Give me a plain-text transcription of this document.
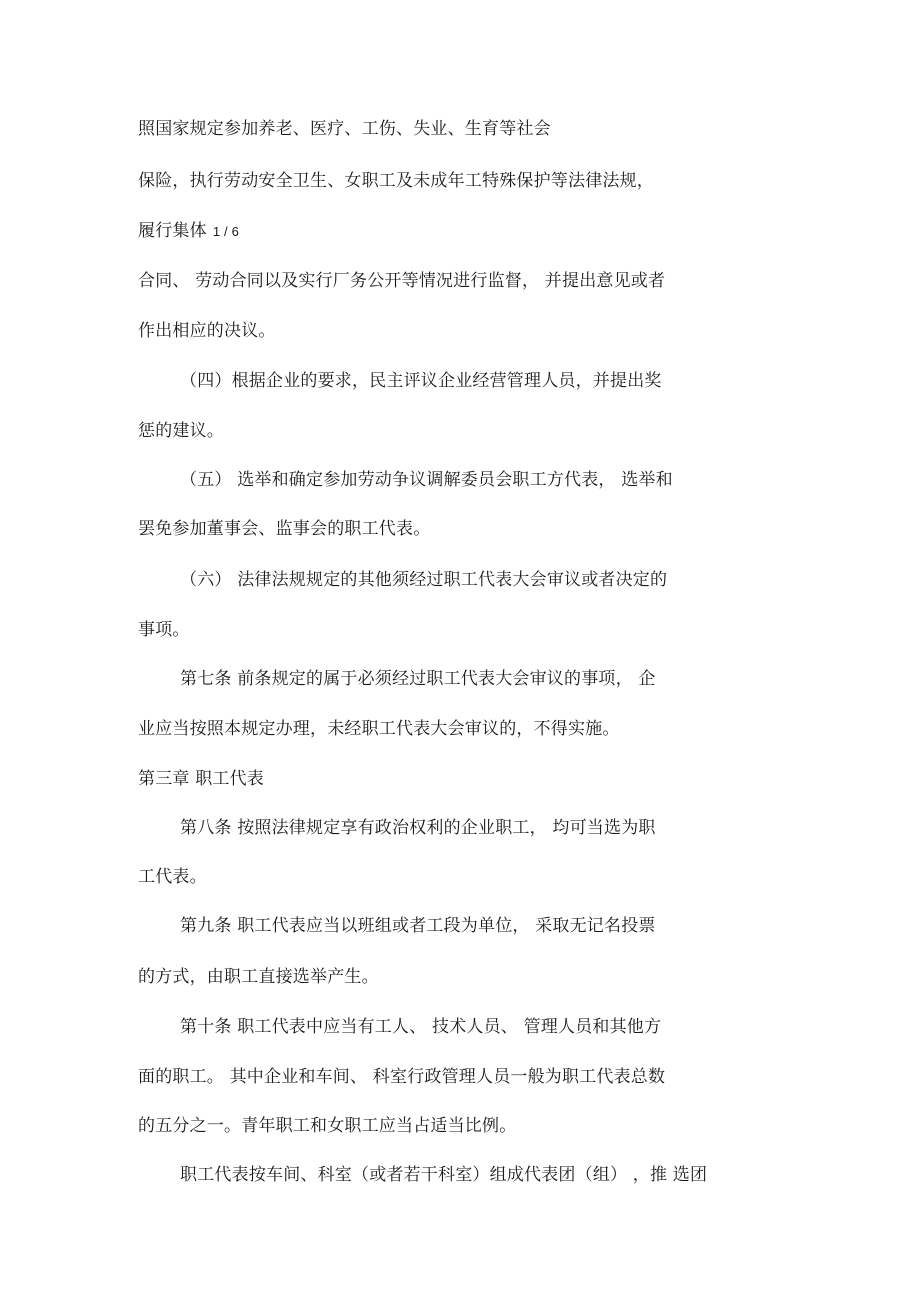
照国家规定参加养老、医疗、工伤、失业、生育等社会
保险，执行劳动安全卫生、女职工及未成年工特殊保护等法律法规，
履行集体 1 / 6
合同、 劳动合同以及实行厂务公开等情况进行监督， 并提出意见或者
作出相应的决议。
（四）根据企业的要求，民主评议企业经营管理人员，并提出奖
惩的建议。
（五） 选举和确定参加劳动争议调解委员会职工方代表， 选举和
罢免参加董事会、监事会的职工代表。
（六） 法律法规规定的其他须经过职工代表大会审议或者决定的
事项。
第七条 前条规定的属于必须经过职工代表大会审议的事项， 企
业应当按照本规定办理，未经职工代表大会审议的，不得实施。
第三章 职工代表
第八条 按照法律规定享有政治权利的企业职工， 均可当选为职
工代表。
第九条 职工代表应当以班组或者工段为单位， 采取无记名投票
的方式，由职工直接选举产生。
第十条 职工代表中应当有工人、 技术人员、 管理人员和其他方
面的职工。 其中企业和车间、 科室行政管理人员一般为职工代表总数
的五分之一。青年职工和女职工应当占适当比例。
职工代表按车间、科室（或者若干科室）组成代表团（组） ，推 选团
